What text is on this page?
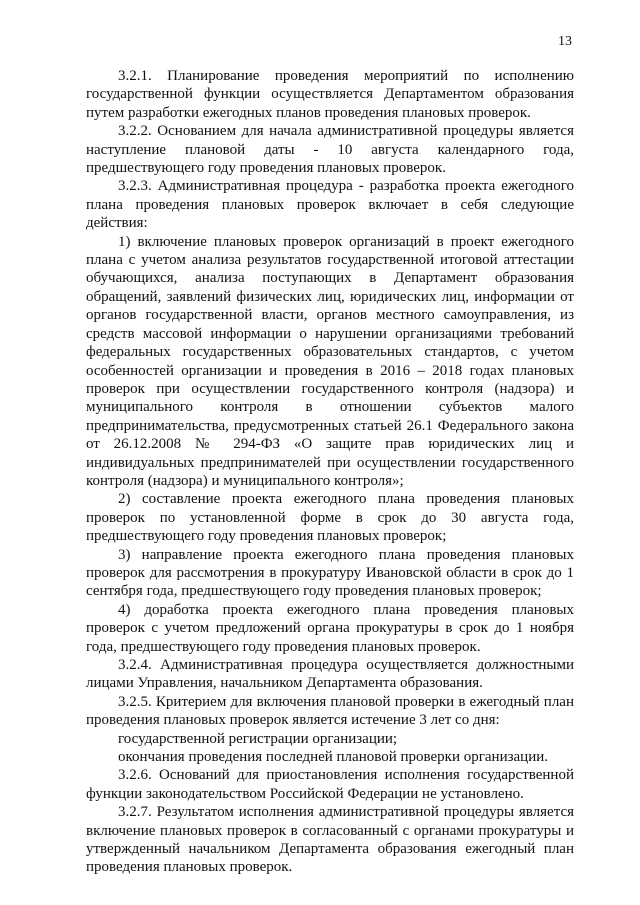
13

3.2.1. Планирование проведения мероприятий по исполнению государственной функции осуществляется Департаментом образования путем разработки ежегодных планов проведения плановых проверок.

3.2.2. Основанием для начала административной процедуры является наступление плановой даты - 10 августа календарного года, предшествующего году проведения плановых проверок.

3.2.3. Административная процедура - разработка проекта ежегодного плана проведения плановых проверок включает в себя следующие действия:

1) включение плановых проверок организаций в проект ежегодного плана с учетом анализа результатов государственной итоговой аттестации обучающихся, анализа поступающих в Департамент образования обращений, заявлений физических лиц, юридических лиц, информации от органов государственной власти, органов местного самоуправления, из средств массовой информации о нарушении организациями требований федеральных государственных образовательных стандартов, с учетом особенностей организации и проведения в 2016 – 2018 годах плановых проверок при осуществлении государственного контроля (надзора) и муниципального контроля в отношении субъектов малого предпринимательства, предусмотренных статьей 26.1 Федерального закона от 26.12.2008 № 294-ФЗ «О защите прав юридических лиц и индивидуальных предпринимателей при осуществлении государственного контроля (надзора) и муниципального контроля»;

2) составление проекта ежегодного плана проведения плановых проверок по установленной форме в срок до 30 августа года, предшествующего году проведения плановых проверок;

3) направление проекта ежегодного плана проведения плановых проверок для рассмотрения в прокуратуру Ивановской области в срок до 1 сентября года, предшествующего году проведения плановых проверок;

4) доработка проекта ежегодного плана проведения плановых проверок с учетом предложений органа прокуратуры в срок до 1 ноября года, предшествующего году проведения плановых проверок.

3.2.4. Административная процедура осуществляется должностными лицами Управления, начальником Департамента образования.

3.2.5. Критерием для включения плановой проверки в ежегодный план проведения плановых проверок является истечение 3 лет со дня:

государственной регистрации организации;

окончания проведения последней плановой проверки организации.

3.2.6. Оснований для приостановления исполнения государственной функции законодательством Российской Федерации не установлено.

3.2.7. Результатом исполнения административной процедуры является включение плановых проверок в согласованный с органами прокуратуры и утвержденный начальником Департамента образования ежегодный план проведения плановых проверок.
